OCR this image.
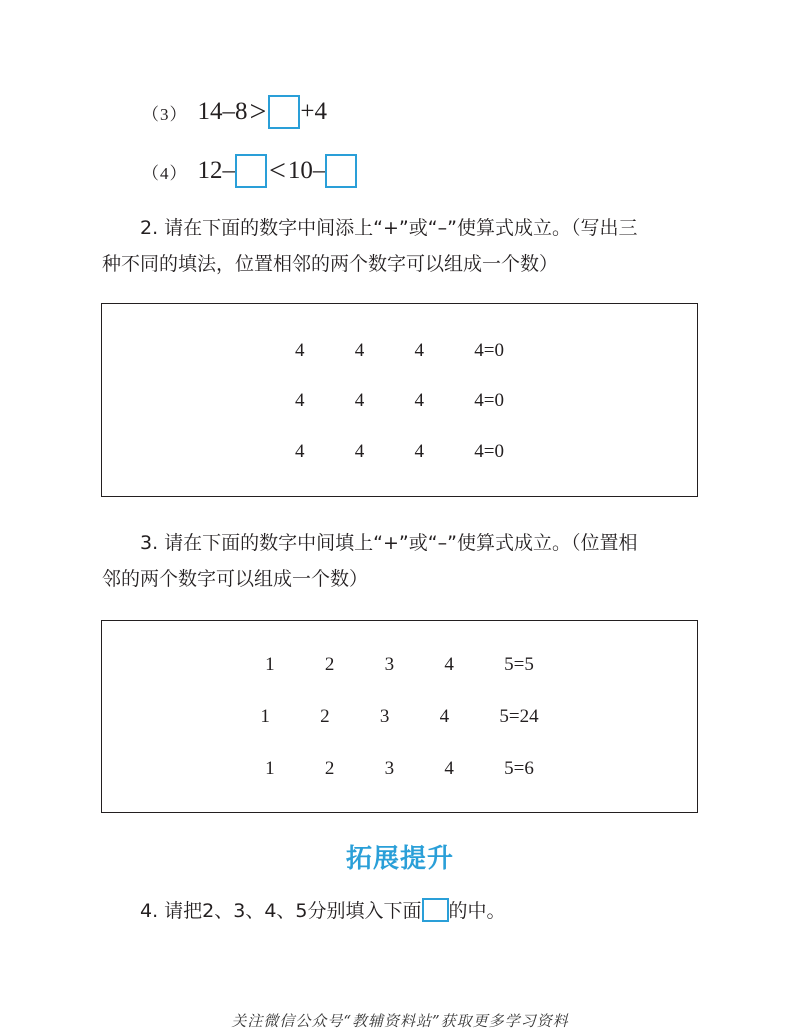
（3） 14–8 > +4
（4） 12– < 10–
2. 请在下面的数字中间添上“+”或“–”使算式成立。（写出三
种不同的填法，位置相邻的两个数字可以组成一个数）
4   4   4   4=0
4   4   4   4=0
4   4   4   4=0
3. 请在下面的数字中间填上“+”或“–”使算式成立。（位置相
邻的两个数字可以组成一个数）
1   2   3   4   5=5
1   2   3   4   5=24
1   2   3   4   5=6
拓展提升
4. 请把2、3、4、5分别填入下面 的中。
关注微信公众号“教辅资料站”获取更多学习资料
